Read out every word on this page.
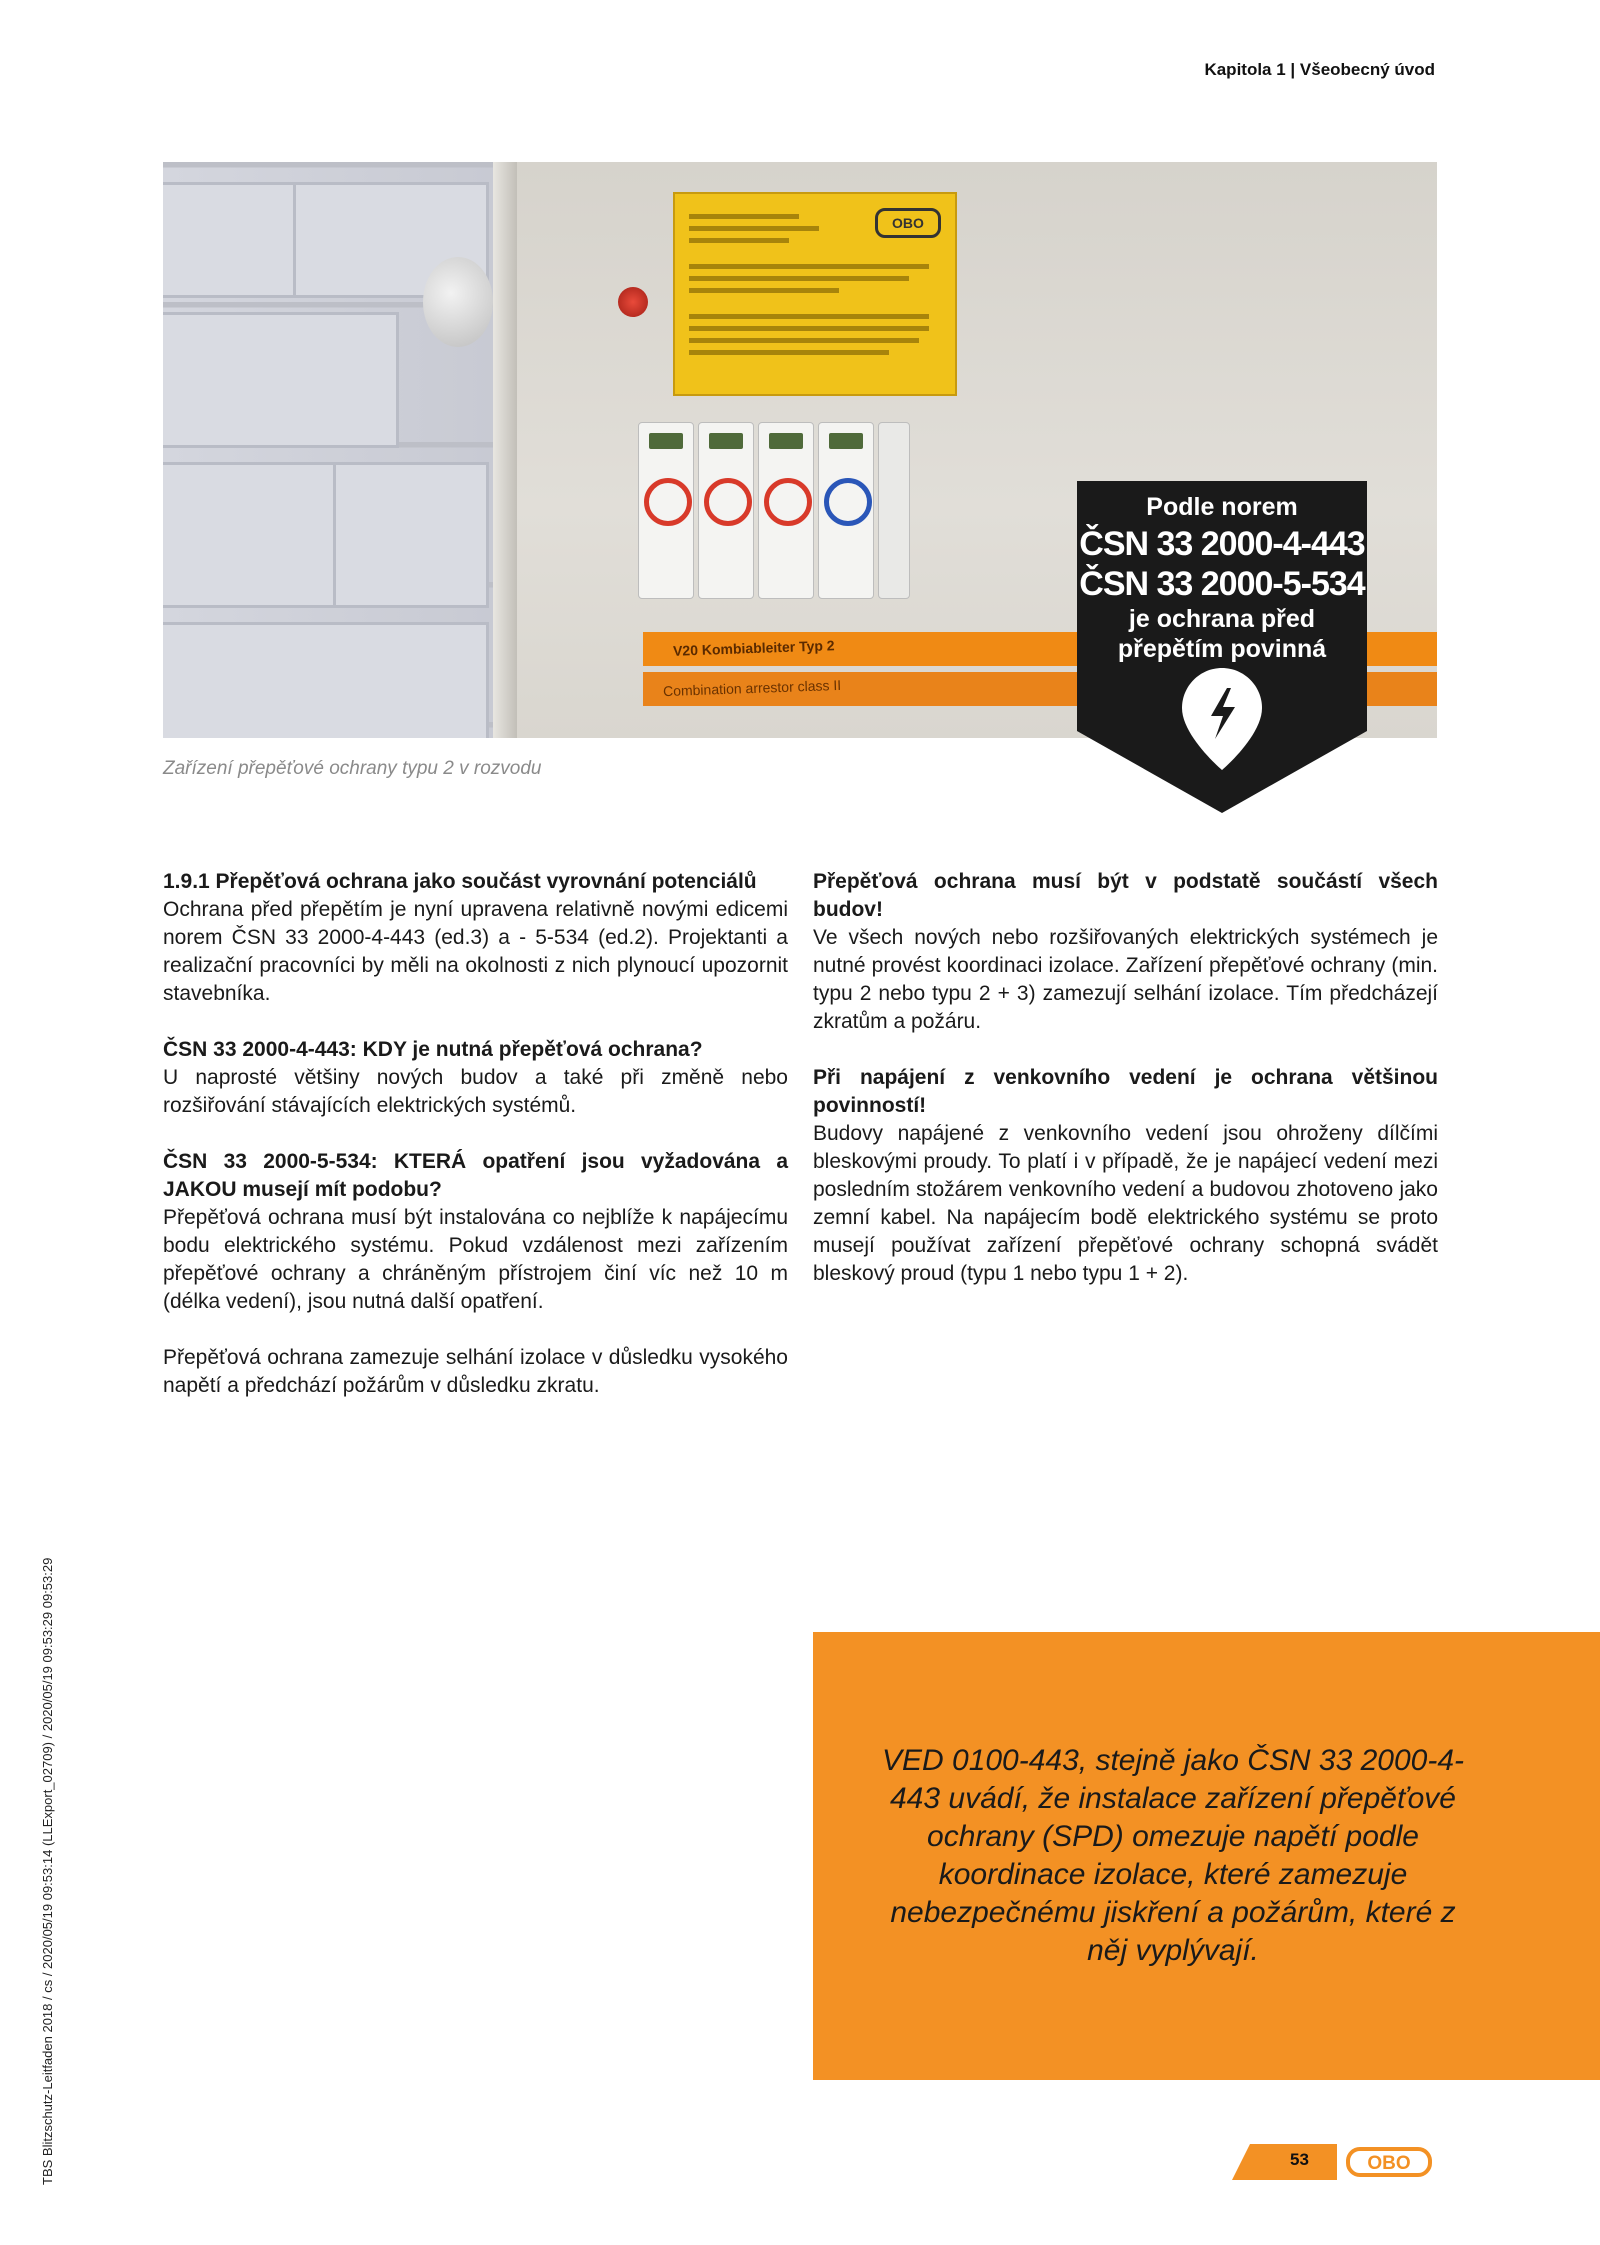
Kapitola 1 | Všeobecný úvod
OBO
V20 Kombiableiter Typ 2
Combination arrestor class II
Podle norem
ČSN 33 2000-4-443
ČSN 33 2000-5-534
je ochrana před
přepětím povinná
Zařízení přepěťové ochrany typu 2 v rozvodu

1.9.1 Přepěťová ochrana jako součást vyrovnání potenciálů
Ochrana před přepětím je nyní upravena relativně novými edicemi norem ČSN 33 2000-4-443 (ed.3) a - 5-534 (ed.2). Projektanti a realizační pracovníci by měli na okolnosti z nich plynoucí upozornit stavebníka.

ČSN 33 2000-4-443: KDY je nutná přepěťová ochrana?
U naprosté většiny nových budov a také při změně nebo rozšiřování stávajících elektrických systémů.

ČSN 33 2000-5-534: KTERÁ opatření jsou vyžadována a JAKOU musejí mít podobu?
Přepěťová ochrana musí být instalována co nejblíže k napájecímu bodu elektrického systému. Pokud vzdálenost mezi zařízením přepěťové ochrany a chráněným přístrojem činí víc než 10 m (délka vedení), jsou nutná další opatření.

Přepěťová ochrana zamezuje selhání izolace v důsledku vysokého napětí a předchází požárům v důsledku zkratu.

Přepěťová ochrana musí být v podstatě součástí všech budov!
Ve všech nových nebo rozšiřovaných elektrických systémech je nutné provést koordinaci izolace. Zařízení přepěťové ochrany (min. typu 2 nebo typu 2 + 3) zamezují selhání izolace. Tím předcházejí zkratům a požáru.

Při napájení z venkovního vedení je ochrana většinou povinností!
Budovy napájené z venkovního vedení jsou ohroženy dílčími bleskovými proudy. To platí i v případě, že je napájecí vedení mezi posledním stožárem venkovního vedení a budovou zhotoveno jako zemní kabel. Na napájecím bodě elektrického systému se proto musejí používat zařízení přepěťové ochrany schopná svádět bleskový proud (typu 1 nebo typu 1 + 2).

TBS Blitzschutz-Leitfaden 2018 / cs / 2020/05/19 09:53:14 (LLExport_02709) / 2020/05/19 09:53:29 09:53:29	VED 0100-443, stejně jako ČSN 33 2000-4-443 uvádí, že instalace zařízení přepěťové ochrany (SPD) omezuje napětí podle koordinace izolace, které zamezuje nebezpečnému jiskření a požárům, které z něj vyplývají.
53	OBO
